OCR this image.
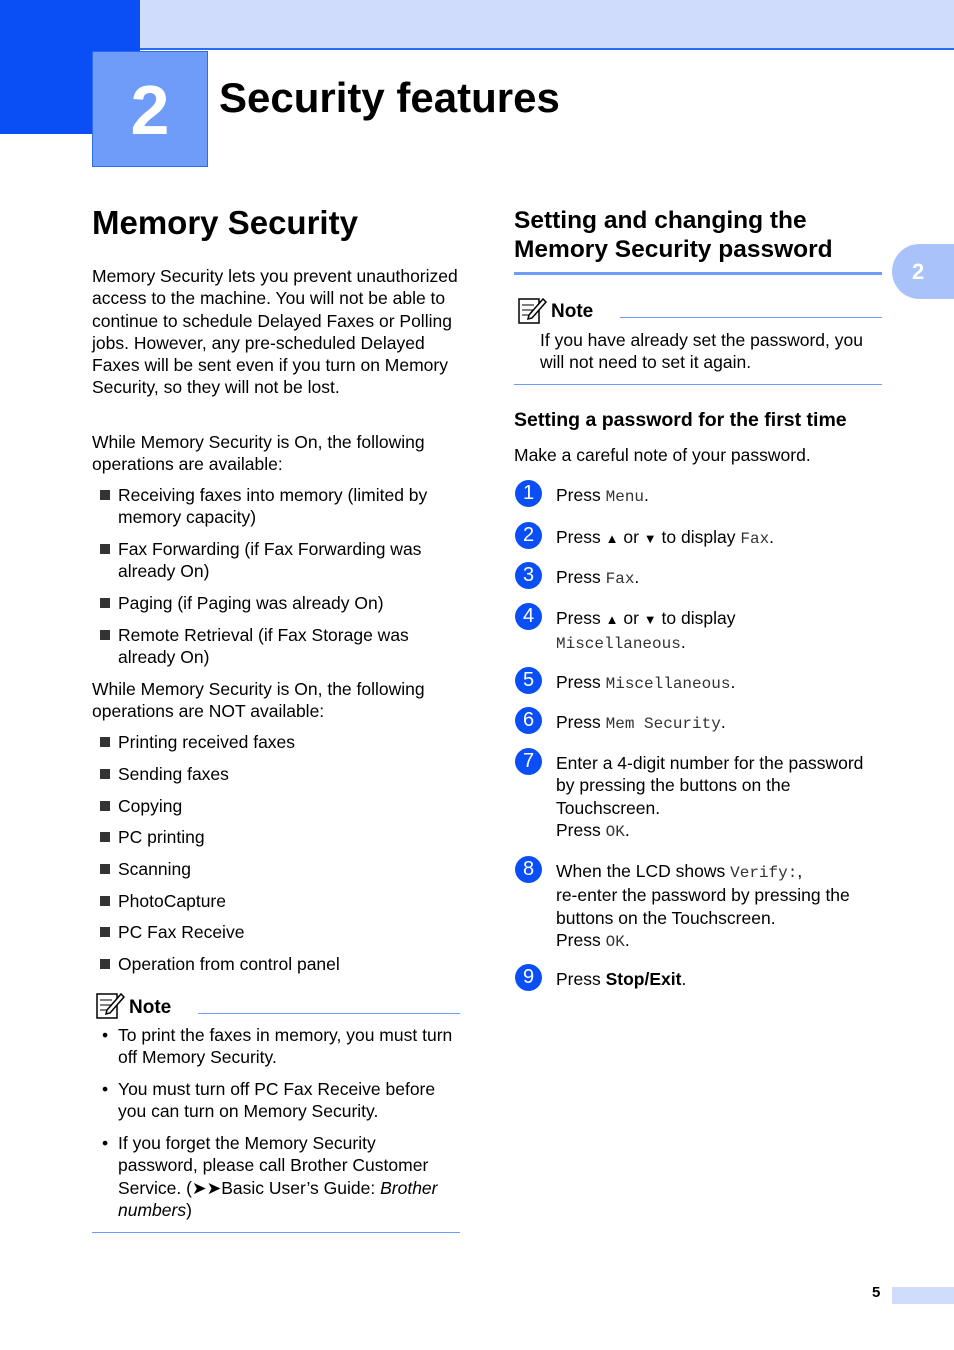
2	Security features
2
Memory Security
Memory Security lets you prevent unauthorized access to the machine. You will not be able to continue to schedule Delayed Faxes or Polling jobs. However, any pre-scheduled Delayed Faxes will be sent even if you turn on Memory Security, so they will not be lost.
While Memory Security is On, the following operations are available:
Receiving faxes into memory (limited by memory capacity)
Fax Forwarding (if Fax Forwarding was already On)
Paging (if Paging was already On)
Remote Retrieval (if Fax Storage was already On)
While Memory Security is On, the following operations are NOT available:
Printing received faxes
Sending faxes
Copying
PC printing
Scanning
PhotoCapture
PC Fax Receive
Operation from control panel
Note
• To print the faxes in memory, you must turn off Memory Security.
• You must turn off PC Fax Receive before you can turn on Memory Security.
• If you forget the Memory Security password, please call Brother Customer Service. (➤➤Basic User’s Guide: Brother numbers)
Setting and changing the Memory Security password
Note
If you have already set the password, you will not need to set it again.
Setting a password for the first time
Make a careful note of your password.
1	Press Menu.
2	Press ▲ or ▼ to display Fax.
3	Press Fax.
4	Press ▲ or ▼ to display
Miscellaneous.
5	Press Miscellaneous.
6	Press Mem Security.
7	Enter a 4-digit number for the password by pressing the buttons on the Touchscreen.
Press OK.
8	When the LCD shows Verify:,
re-enter the password by pressing the buttons on the Touchscreen.
Press OK.
9	Press Stop/Exit.
5
